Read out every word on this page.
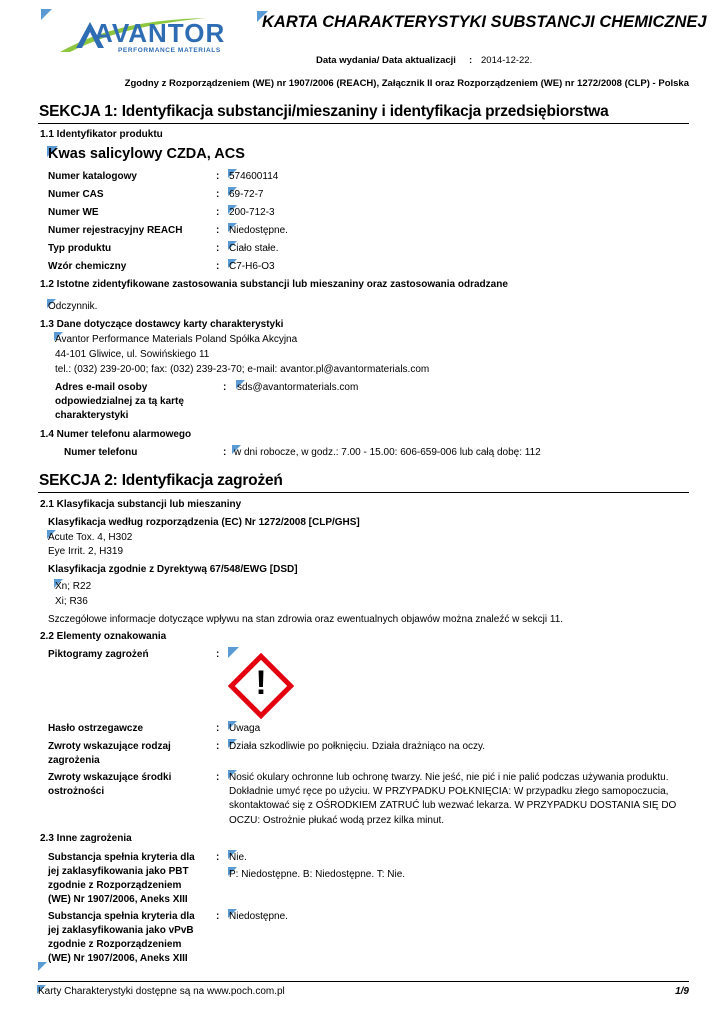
AVANTOR
PERFORMANCE MATERIALS
KARTA CHARAKTERYSTYKI SUBSTANCJI CHEMICZNEJ
Data wydania/ Data aktualizacji : 2014-12-22.
Zgodny z Rozporządzeniem (WE) nr 1907/2006 (REACH), Załącznik II oraz Rozporządzeniem (WE) nr 1272/2008 (CLP) - Polska
SEKCJA 1: Identyfikacja substancji/mieszaniny i identyfikacja przedsiębiorstwa
1.1 Identyfikator produktu
Kwas salicylowy CZDA, ACS
Numer katalogowy	: 574600114
Numer CAS	: 69-72-7
Numer WE	: 200-712-3
Numer rejestracyjny REACH	: Niedostępne.
Typ produktu	: Ciało stałe.
Wzór chemiczny	: C7-H6-O3
1.2 Istotne zidentyfikowane zastosowania substancji lub mieszaniny oraz zastosowania odradzane
Odczynnik.
1.3 Dane dotyczące dostawcy karty charakterystyki
Avantor Performance Materials Poland Spółka Akcyjna
44-101 Gliwice, ul. Sowińskiego 11
tel.: (032) 239-20-00; fax: (032) 239-23-70; e-mail: avantor.pl@avantormaterials.com
Adres e-mail osoby
odpowiedzialnej za tą kartę
charakterystyki
: sds@avantormaterials.com
1.4 Numer telefonu alarmowego
Numer telefonu	: w dni robocze, w godz.: 7.00 - 15.00: 606-659-006 lub całą dobę: 112
SEKCJA 2: Identyfikacja zagrożeń
2.1 Klasyfikacja substancji lub mieszaniny
Klasyfikacja według rozporządzenia (EC) Nr 1272/2008 [CLP/GHS]
Acute Tox. 4, H302
Eye Irrit. 2, H319
Klasyfikacja zgodnie z Dyrektywą 67/548/EWG [DSD]
Xn; R22
Xi; R36
Szczegółowe informacje dotyczące wpływu na stan zdrowia oraz ewentualnych objawów można znaleźć w sekcji 11.
2.2 Elementy oznakowania
Piktogramy zagrożeń	:
!
Hasło ostrzegawcze	: Uwaga
Zwroty wskazujące rodzaj
zagrożenia
: Działa szkodliwie po połknięciu. Działa drażniąco na oczy.
Zwroty wskazujące środki
ostrożności
: Nosić okulary ochronne lub ochronę twarzy. Nie jeść, nie pić i nie palić podczas używania produktu.
Dokładnie umyć ręce po użyciu. W PRZYPADKU POŁKNIĘCIA: W przypadku złego samopoczucia,
skontaktować się z OŚRODKIEM ZATRUĆ lub wezwać lekarza. W PRZYPADKU DOSTANIA SIĘ DO
OCZU: Ostrożnie płukać wodą przez kilka minut.
2.3 Inne zagrożenia
Substancja spełnia kryteria dla
jej zaklasyfikowania jako PBT
zgodnie z Rozporządzeniem
(WE) Nr 1907/2006, Aneks XIII
: Nie.
P: Niedostępne. B: Niedostępne. T: Nie.
Substancja spełnia kryteria dla
jej zaklasyfikowania jako vPvB
zgodnie z Rozporządzeniem
(WE) Nr 1907/2006, Aneks XIII
: Niedostępne.
Karty Charakterystyki dostępne są na www.poch.com.pl	1/9
